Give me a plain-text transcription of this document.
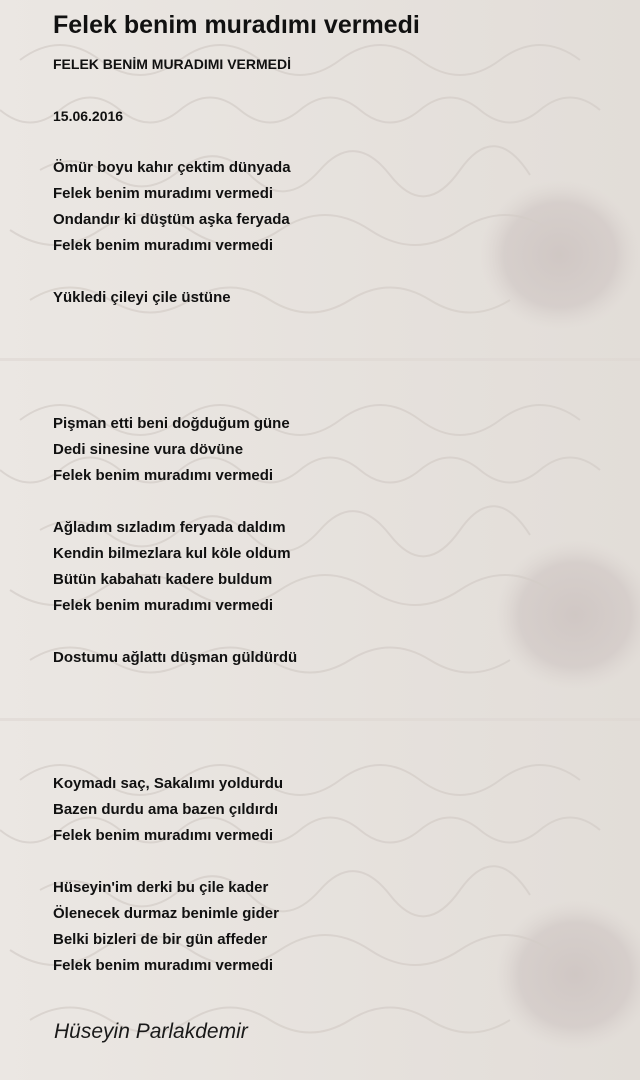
Felek benim muradımı vermedi

FELEK BENİM MURADIMI VERMEDİ

15.06.2016

Ömür boyu kahır çektim dünyada

Felek benim muradımı vermedi

Ondandır ki düştüm aşka feryada

Felek benim muradımı vermedi

Yükledi çileyi çile üstüne

Pişman etti beni doğduğum güne

Dedi sinesine vura dövüne

Felek benim muradımı vermedi

Ağladım sızladım feryada daldım

Kendin bilmezlara kul köle oldum

Bütün kabahatı kadere buldum

Felek benim muradımı vermedi

Dostumu ağlattı düşman güldürdü

Koymadı saç, Sakalımı yoldurdu

Bazen durdu ama bazen çıldırdı

Felek benim muradımı vermedi

Hüseyin'im derki bu çile kader

Ölenecek durmaz benimle gider

Belki bizleri de bir gün affeder

Felek benim muradımı vermedi

Hüseyin Parlakdemir
